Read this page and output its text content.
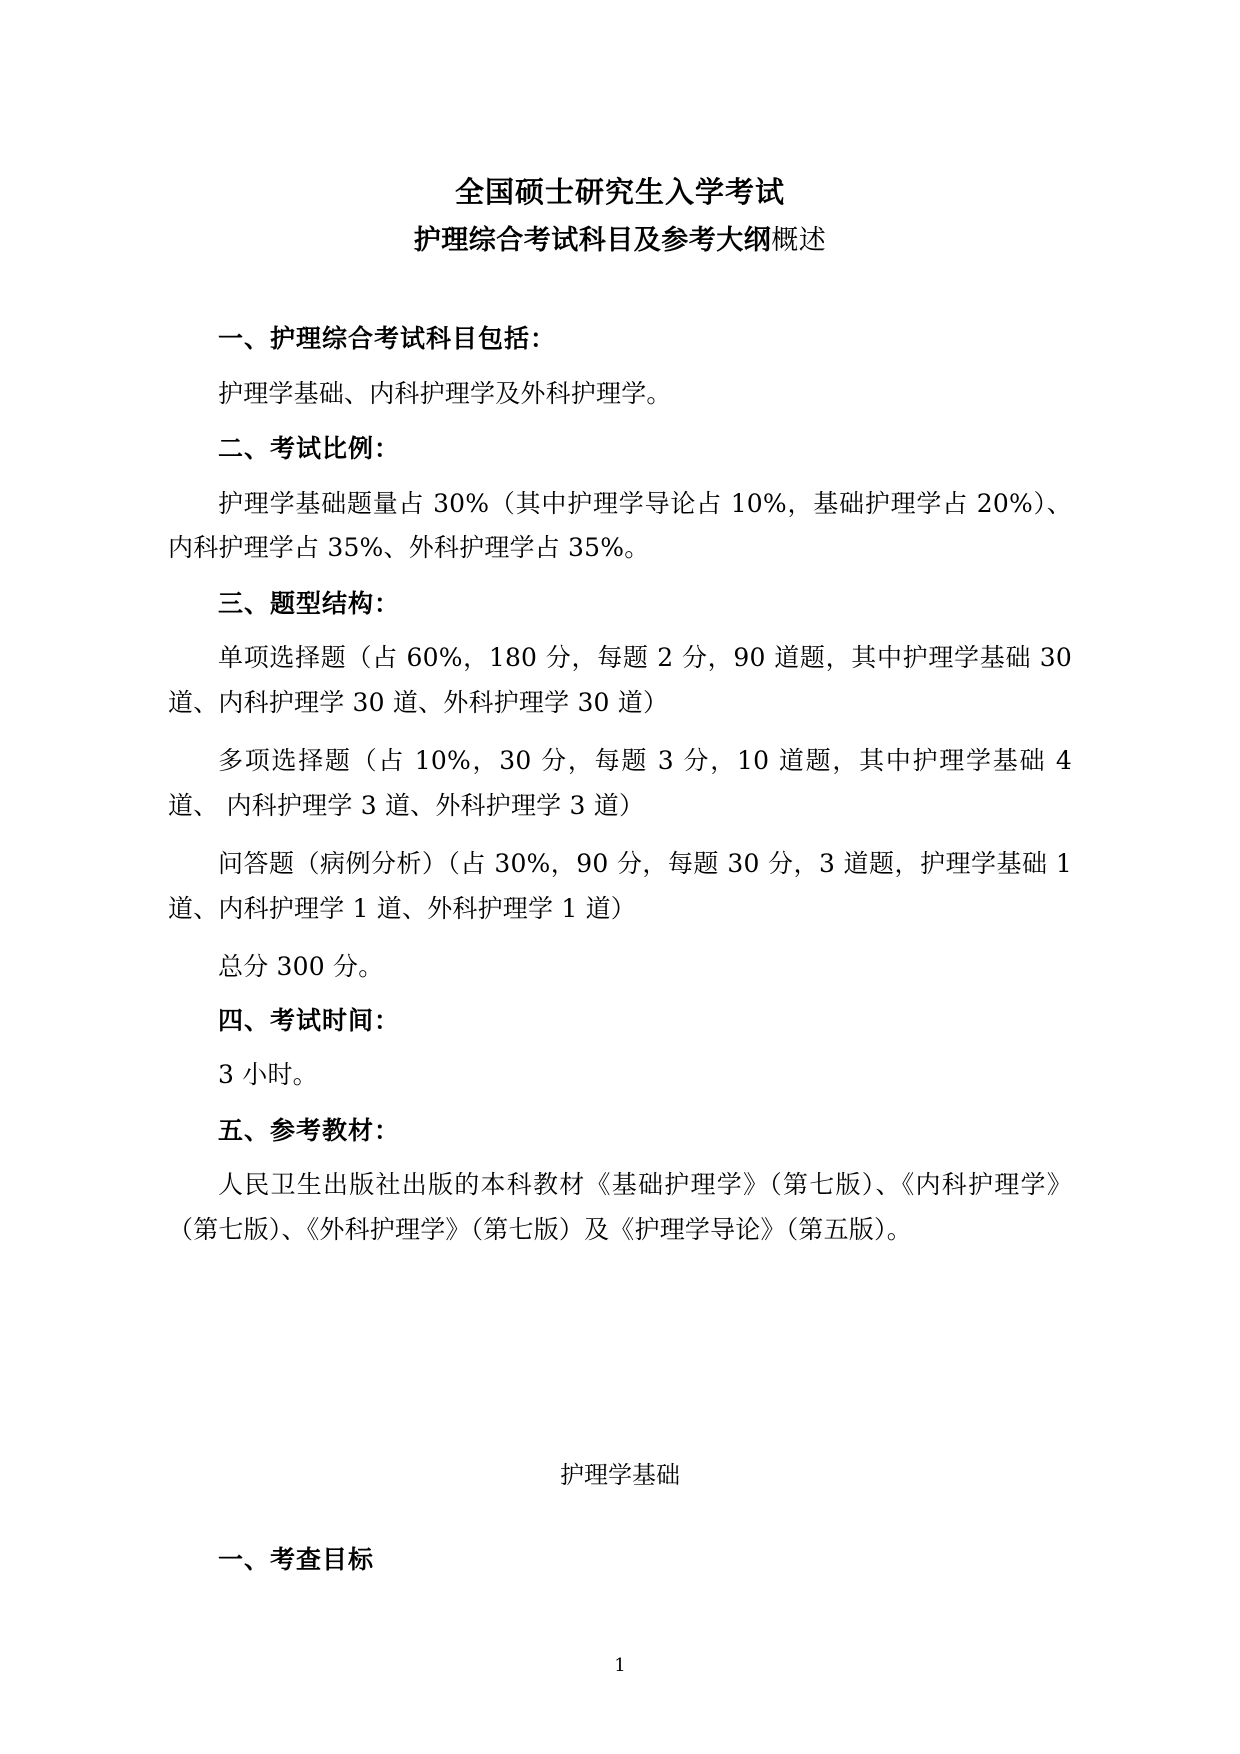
全国硕士研究生入学考试
护理综合考试科目及参考大纲概述
一、护理综合考试科目包括：

护理学基础、内科护理学及外科护理学。

二、考试比例：

护理学基础题量占 30%（其中护理学导论占 10%，基础护理学占 20%）、内科护理学占 35%、外科护理学占 35%。

三、题型结构：

单项选择题（占 60%，180 分，每题 2 分，90 道题，其中护理学基础 30 道、内科护理学 30 道、外科护理学 30 道）

多项选择题（占 10%，30 分，每题 3 分，10 道题，其中护理学基础 4 道、 内科护理学 3 道、外科护理学 3 道）

问答题（病例分析）（占 30%，90 分，每题 30 分，3 道题，护理学基础 1 道、内科护理学 1 道、外科护理学 1 道）

总分 300 分。

四、考试时间：

3 小时。

五、参考教材：

人民卫生出版社出版的本科教材《基础护理学》（第七版）、《内科护理学》（第七版）、《外科护理学》（第七版）及《护理学导论》（第五版）。

护理学基础
一、考查目标
1
